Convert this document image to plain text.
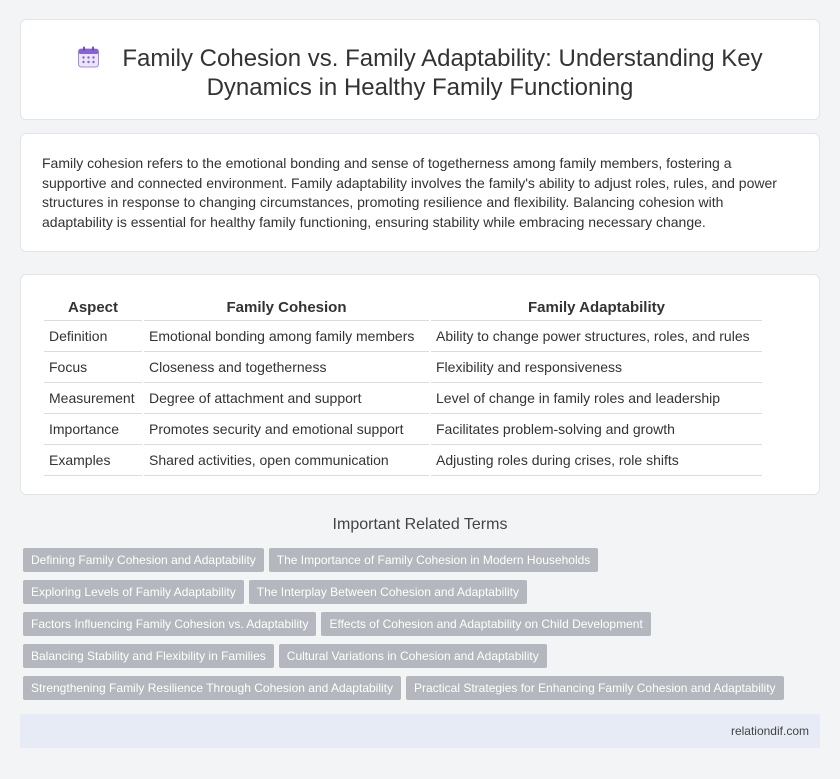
Family Cohesion vs. Family Adaptability: Understanding Key Dynamics in Healthy Family Functioning

Family cohesion refers to the emotional bonding and sense of togetherness among family members, fostering a supportive and connected environment. Family adaptability involves the family's ability to adjust roles, rules, and power structures in response to changing circumstances, promoting resilience and flexibility. Balancing cohesion with adaptability is essential for healthy family functioning, ensuring stability while embracing necessary change.

Aspect	Family Cohesion	Family Adaptability
Definition	Emotional bonding among family members	Ability to change power structures, roles, and rules
Focus	Closeness and togetherness	Flexibility and responsiveness
Measurement	Degree of attachment and support	Level of change in family roles and leadership
Importance	Promotes security and emotional support	Facilitates problem-solving and growth
Examples	Shared activities, open communication	Adjusting roles during crises, role shifts
Important Related Terms
Defining Family Cohesion and Adaptability The Importance of Family Cohesion in Modern Households
Exploring Levels of Family Adaptability The Interplay Between Cohesion and Adaptability
Factors Influencing Family Cohesion vs. Adaptability Effects of Cohesion and Adaptability on Child Development
Balancing Stability and Flexibility in Families Cultural Variations in Cohesion and Adaptability
Strengthening Family Resilience Through Cohesion and Adaptability Practical Strategies for Enhancing Family Cohesion and Adaptability
relationdif.com
